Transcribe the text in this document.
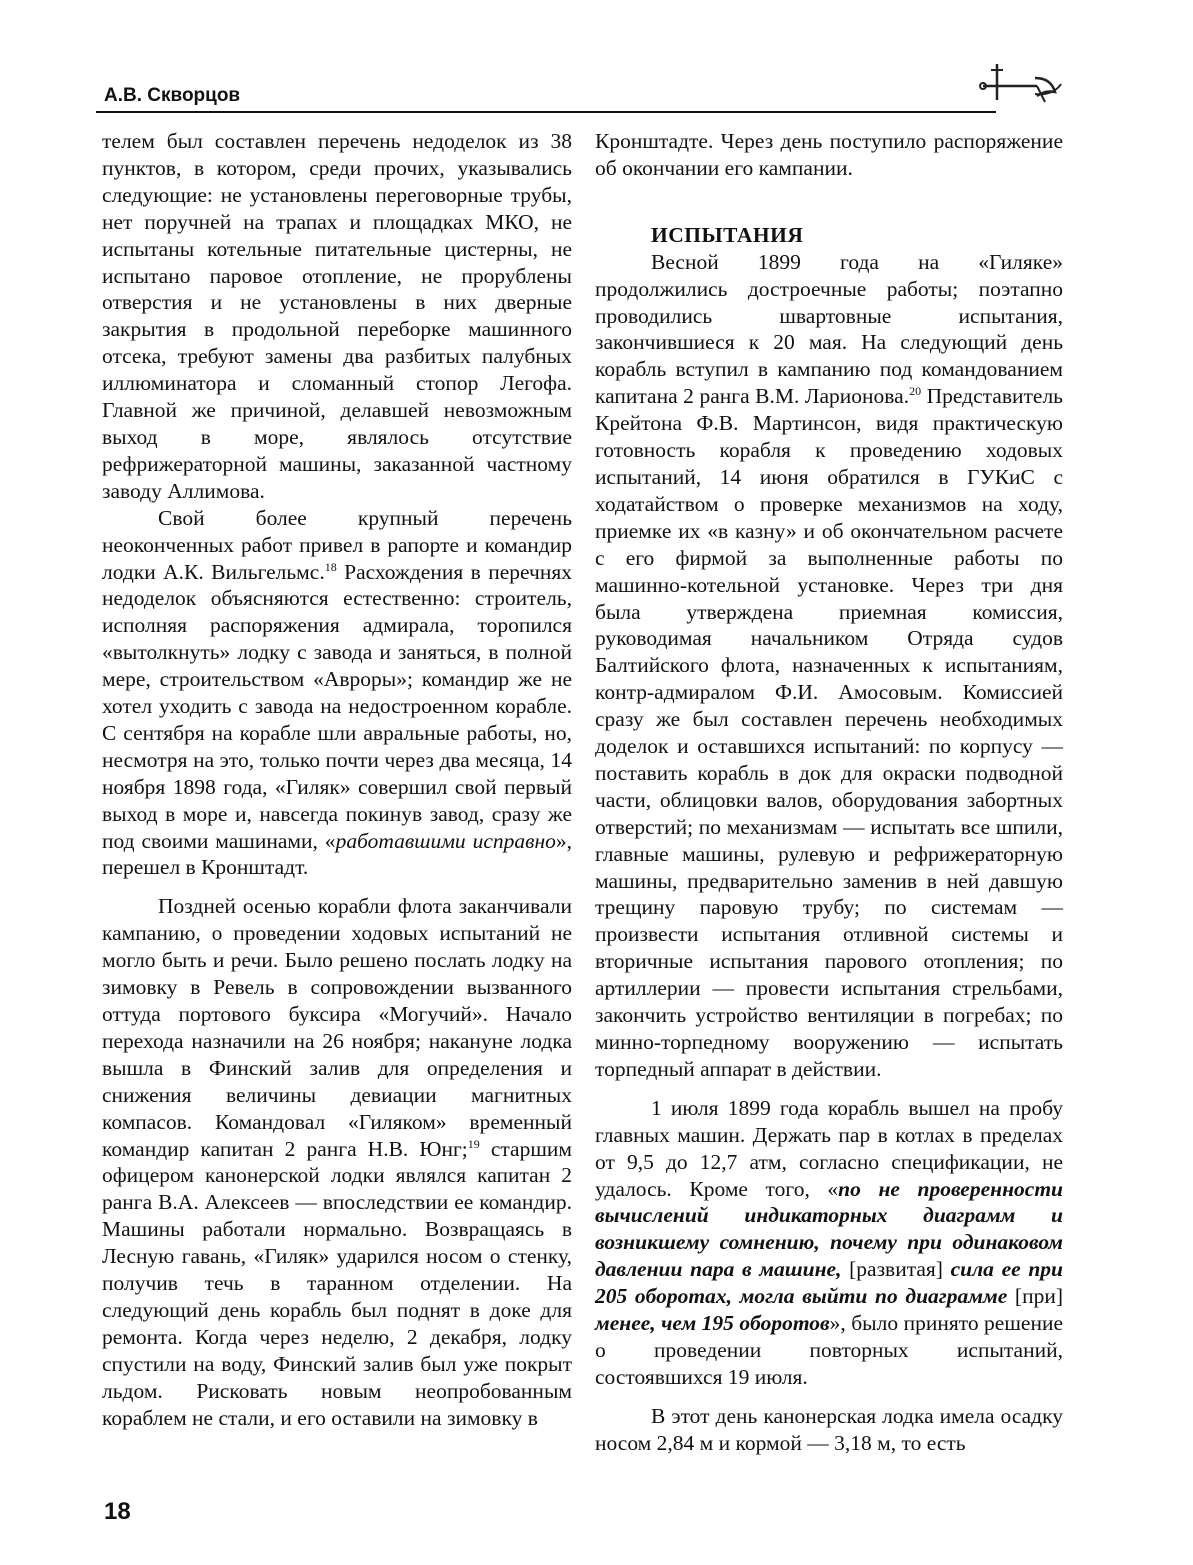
А.В. Скворцов

телем был составлен перечень недоделок из 38 пунктов, в котором, среди прочих, указывались следующие: не установлены переговорные трубы, нет поручней на трапах и площадках МКО, не испытаны котельные питательные цистерны, не испытано паровое отопление, не прорублены отверстия и не установлены в них дверные закрытия в продольной переборке машинного отсека, требуют замены два разбитых палубных иллюминатора и сломанный стопор Легофа. Главной же причиной, делавшей невозможным выход в море, являлось отсутствие рефрижераторной машины, заказанной частному заводу Аллимова.

Свой более крупный перечень неоконченных работ привел в рапорте и командир лодки А.К. Вильгельмс.$^{18}$ Расхождения в перечнях недоделок объясняются естественно: строитель, исполняя распоряжения адмирала, торопился «вытолкнуть» лодку с завода и заняться, в полной мере, строительством «Авроры»; командир же не хотел уходить с завода на недостроенном корабле. С сентября на корабле шли авральные работы, но, несмотря на это, только почти через два месяца, 14 ноября 1898 года, «Гиляк» совершил свой первый выход в море и, навсегда покинув завод, сразу же под своими машинами, «работавшими исправно», перешел в Кронштадт.

Поздней осенью корабли флота заканчивали кампанию, о проведении ходовых испытаний не могло быть и речи. Было решено послать лодку на зимовку в Ревель в сопровождении вызванного оттуда портового буксира «Могучий». Начало перехода назначили на 26 ноября; накануне лодка вышла в Финский залив для определения и снижения величины девиации магнитных компасов. Командовал «Гиляком» временный командир капитан 2 ранга Н.В. Юнг;$^{19}$ старшим офицером канонерской лодки являлся капитан 2 ранга В.А. Алексеев — впоследствии ее командир. Машины работали нормально. Возвращаясь в Лесную гавань, «Гиляк» ударился носом о стенку, получив течь в таранном отделении. На следующий день корабль был поднят в доке для ремонта. Когда через неделю, 2 декабря, лодку спустили на воду, Финский залив был уже покрыт льдом. Рисковать новым неопробованным кораблем не стали, и его оставили на зимовку в

Кронштадте. Через день поступило распоряжение об окончании его кампании.

ИСПЫТАНИЯ

Весной 1899 года на «Гиляке» продолжились достроечные работы; поэтапно проводились швартовные испытания, закончившиеся к 20 мая. На следующий день корабль вступил в кампанию под командованием капитана 2 ранга В.М. Ларионова.$^{20}$ Представитель Крейтона Ф.В. Мартинсон, видя практическую готовность корабля к проведению ходовых испытаний, 14 июня обратился в ГУКиС с ходатайством о проверке механизмов на ходу, приемке их «в казну» и об окончательном расчете с его фирмой за выполненные работы по машинно-котельной установке. Через три дня была утверждена приемная комиссия, руководимая начальником Отряда судов Балтийского флота, назначенных к испытаниям, контр-адмиралом Ф.И. Амосовым. Комиссией сразу же был составлен перечень необходимых доделок и оставшихся испытаний: по корпусу — поставить корабль в док для окраски подводной части, облицовки валов, оборудования забортных отверстий; по механизмам — испытать все шпили, главные машины, рулевую и рефрижераторную машины, предварительно заменив в ней давшую трещину паровую трубу; по системам — произвести испытания отливной системы и вторичные испытания парового отопления; по артиллерии — провести испытания стрельбами, закончить устройство вентиляции в погребах; по минно-торпедному вооружению — испытать торпедный аппарат в действии.

1 июля 1899 года корабль вышел на пробу главных машин. Держать пар в котлах в пределах от 9,5 до 12,7 атм, согласно спецификации, не удалось. Кроме того, «по не проверенности вычислений индикаторных диаграмм и возникшему сомнению, почему при одинаковом давлении пара в машине, [развитая] сила ее при 205 оборотах, могла выйти по диаграмме [при] менее, чем 195 оборотов», было принято решение о проведении повторных испытаний, состоявшихся 19 июля.

В этот день канонерская лодка имела осадку носом 2,84 м и кормой — 3,18 м, то есть

18
